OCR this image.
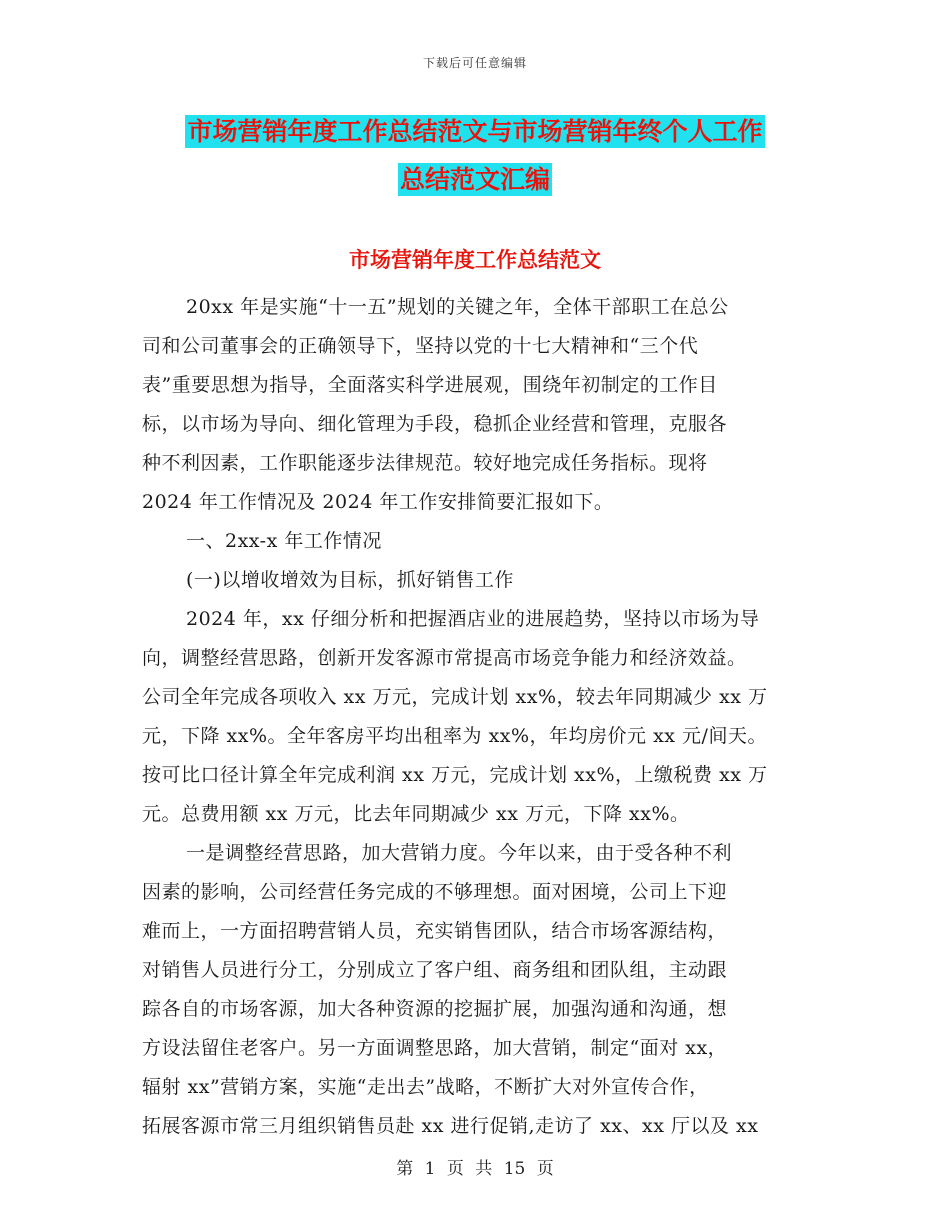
下载后可任意编辑
市场营销年度工作总结范文与市场营销年终个人工作
总结范文汇编
市场营销年度工作总结范文
20xx 年是实施“十一五”规划的关键之年，全体干部职工在总公
司和公司董事会的正确领导下，坚持以党的十七大精神和“三个代
表”重要思想为指导，全面落实科学进展观，围绕年初制定的工作目
标，以市场为导向、细化管理为手段，稳抓企业经营和管理，克服各
种不利因素，工作职能逐步法律规范。较好地完成任务指标。现将
2024 年工作情况及 2024 年工作安排简要汇报如下。
一、2xx-x 年工作情况
(一)以增收增效为目标，抓好销售工作
2024 年，xx 仔细分析和把握酒店业的进展趋势，坚持以市场为导
向，调整经营思路，创新开发客源市常提高市场竞争能力和经济效益。
公司全年完成各项收入 xx 万元，完成计划 xx%，较去年同期减少 xx 万
元，下降 xx%。全年客房平均出租率为 xx%，年均房价元 xx 元/间天。
按可比口径计算全年完成利润 xx 万元，完成计划 xx%，上缴税费 xx 万
元。总费用额 xx 万元，比去年同期减少 xx 万元，下降 xx%。
一是调整经营思路，加大营销力度。今年以来，由于受各种不利
因素的影响，公司经营任务完成的不够理想。面对困境，公司上下迎
难而上，一方面招聘营销人员，充实销售团队，结合市场客源结构，
对销售人员进行分工，分别成立了客户组、商务组和团队组，主动跟
踪各自的市场客源，加大各种资源的挖掘扩展，加强沟通和沟通，想
方设法留住老客户。另一方面调整思路，加大营销，制定“面对 xx，
辐射 xx”营销方案，实施“走出去”战略，不断扩大对外宣传合作，
拓展客源市常三月组织销售员赴 xx 进行促销,走访了 xx、xx 厅以及 xx
第 1 页 共 15 页
